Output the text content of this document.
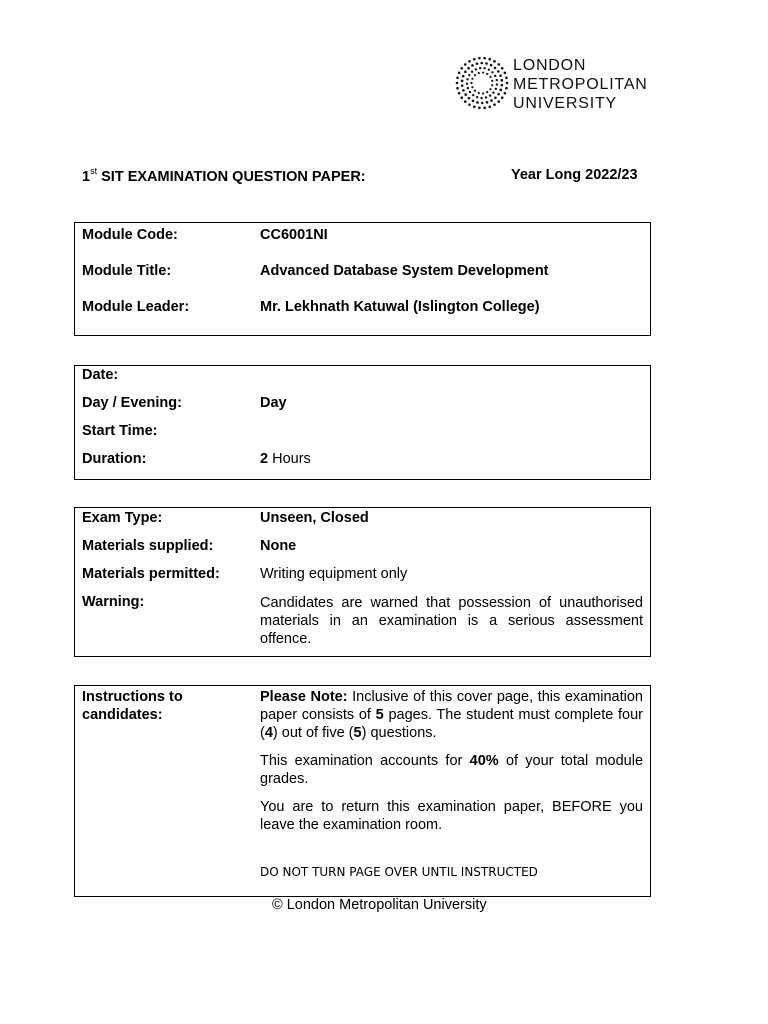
LONDON
METROPOLITAN
UNIVERSITY
1st SIT EXAMINATION QUESTION PAPER:	Year Long 2022/23
Module Code:	CC6001NI
Module Title:	Advanced Database System Development
Module Leader:	Mr. Lekhnath Katuwal (Islington College)
Date:
Day / Evening:	Day
Start Time:
Duration:	2 Hours
Exam Type:	Unseen, Closed
Materials supplied:	None
Materials permitted:	Writing equipment only
Warning:	Candidates are warned that possession of unauthorised materials in an examination is a serious assessment offence.
Instructions to
candidates:
Please Note: Inclusive of this cover page, this examination paper consists of 5 pages. The student must complete four (4) out of five (5) questions.
This examination accounts for 40% of your total module grades.
You are to return this examination paper, BEFORE you leave the examination room.
DO NOT TURN PAGE OVER UNTIL INSTRUCTED
© London Metropolitan University
